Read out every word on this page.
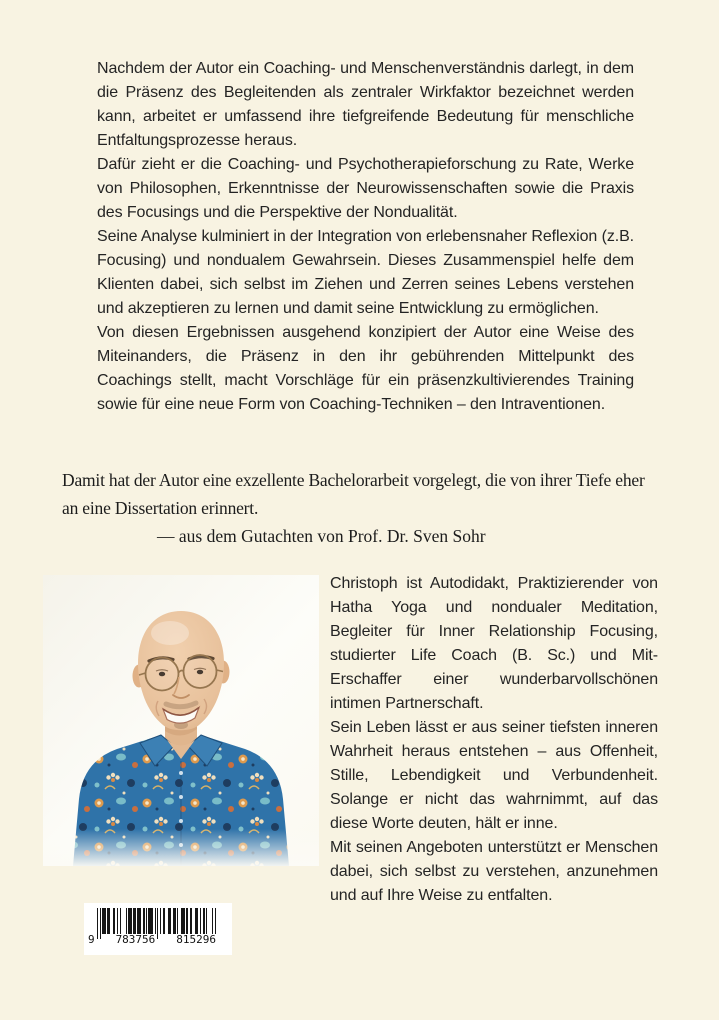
Nachdem der Autor ein Coaching- und Menschenverständnis darlegt, in dem die Präsenz des Begleitenden als zentraler Wirkfaktor bezeichnet werden kann, arbeitet er umfassend ihre tiefgreifende Bedeutung für menschliche Entfaltungsprozesse heraus.

Dafür zieht er die Coaching- und Psychotherapieforschung zu Rate, Werke von Philosophen, Erkenntnisse der Neurowissenschaften sowie die Praxis des Focusings und die Perspektive der Nondualität.

Seine Analyse kulminiert in der Integration von erlebensnaher Reflexion (z.B. Focusing) und nondualem Gewahrsein. Dieses Zusammenspiel helfe dem Klienten dabei, sich selbst im Ziehen und Zerren seines Lebens verstehen und akzeptieren zu lernen und damit seine Entwicklung zu ermöglichen.

Von diesen Ergebnissen ausgehend konzipiert der Autor eine Weise des Miteinanders, die Präsenz in den ihr gebührenden Mittelpunkt des Coachings stellt, macht Vorschläge für ein präsenzkultivierendes Training sowie für eine neue Form von Coaching-Techniken – den Intraventionen.

Damit hat der Autor eine exzellente Bachelorarbeit vorgelegt, die von ihrer Tiefe eher an eine Dissertation erinnert.

— aus dem Gutachten von Prof. Dr. Sven Sohr

Christoph ist Autodidakt, Praktizierender von Hatha Yoga und nondualer Meditation, Begleiter für Inner Relationship Focusing, studierter Life Coach (B. Sc.) und Mit-Erschaffer einer wunderbarvollschönen intimen Partnerschaft.

Sein Leben lässt er aus seiner tiefsten inneren Wahrheit heraus entstehen – aus Offenheit, Stille, Lebendigkeit und Verbundenheit. Solange er nicht das wahrnimmt, auf das diese Worte deuten, hält er inne.

Mit seinen Angeboten unterstützt er Menschen dabei, sich selbst zu verstehen, anzunehmen und auf Ihre Weise zu entfalten.

9 783756 815296
